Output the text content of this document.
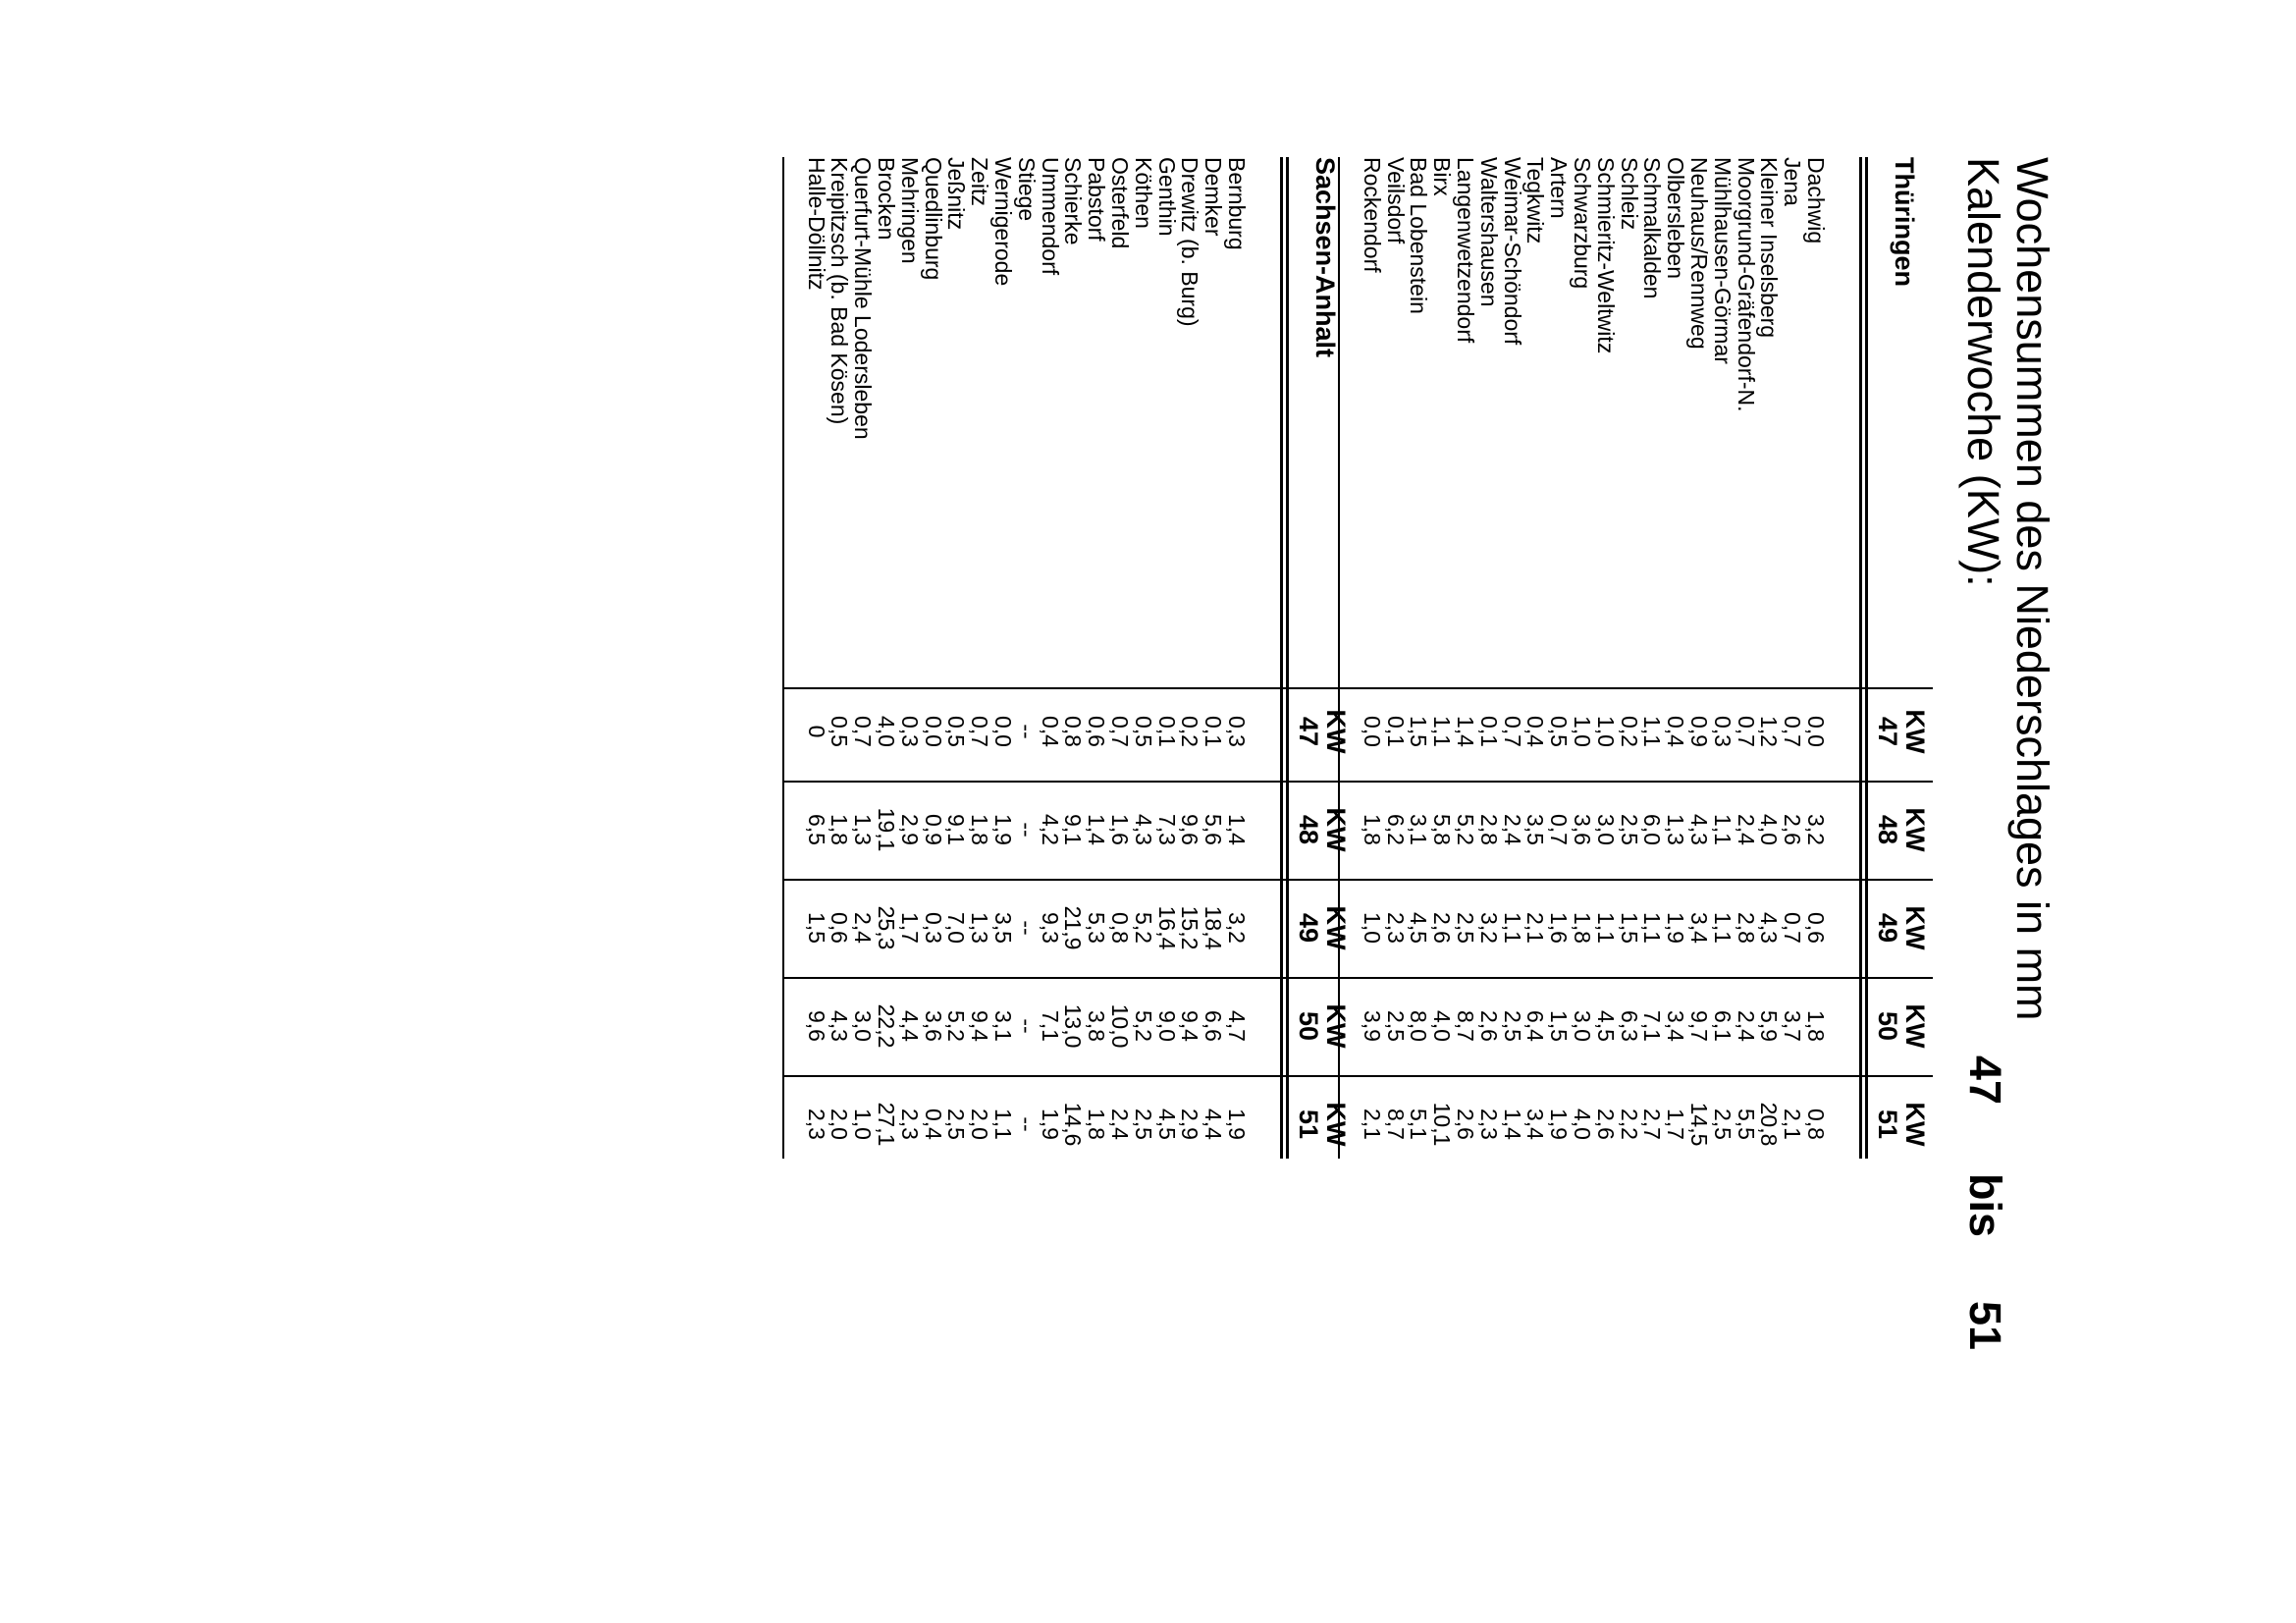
Wochensummen des Niederschlages in mm
Kalenderwoche (KW):
47
bis
51
Thüringen
KW
47
KW
48
KW
49
KW
50
KW
51
Dachwig
0,0
3,2
0,6
1,8
0,8
Jena
0,7
2,6
0,7
3,7
2,1
Kleiner Inselsberg
1,2
4,0
4,3
5,9
20,8
Moorgrund-Gräfendorf-N.
0,7
2,4
2,8
2,4
5,5
Mühlhausen-Görmar
0,3
1,1
1,1
6,1
2,5
Neuhaus/Rennweg
0,9
4,3
3,4
9,7
14,5
Olbersleben
0,4
1,3
1,9
3,4
1,7
Schmalkalden
1,1
6,0
1,1
7,1
2,7
Schleiz
0,2
2,5
1,5
6,3
2,2
Schmieritz-Weltwitz
1,0
3,0
1,1
4,5
2,6
Schwarzburg
1,0
3,6
1,8
3,0
4,0
Artern
0,5
0,7
1,6
1,5
1,9
Tegkwitz
0,4
3,5
2,1
6,4
3,4
Weimar-Schöndorf
0,7
2,4
1,1
2,5
1,4
Waltershausen
0,1
2,8
3,2
2,6
2,3
Langenwetzendorf
1,4
5,2
2,5
8,7
2,6
Birx
1,1
5,8
2,6
4,0
10,1
Bad Lobenstein
1,5
3,1
4,5
8,0
5,1
Veilsdorf
0,1
6,2
2,3
2,5
8,7
Rockendorf
0,0
1,8
1,0
3,9
2,1
Sachsen-Anhalt
KW
47
KW
48
KW
49
KW
50
KW
51
Bernburg
0,3
1,4
3,2
4,7
1,9
Demker
0,1
5,6
18,4
6,6
4,4
Drewitz (b. Burg)
0,2
9,6
15,2
9,4
2,9
Genthin
0,1
7,3
16,4
9,0
4,5
Köthen
0,5
4,3
5,2
5,2
2,5
Osterfeld
0,7
1,6
0,8
10,0
2,4
Pabstorf
0,6
1,4
5,3
3,8
1,8
Schierke
0,8
9,1
21,9
13,0
14,6
Ummendorf
0,4
4,2
9,3
7,1
1,9
Stiege
--
--
--
--
--
Wernigerode
0,0
1,9
3,5
3,1
1,1
Zeitz
0,7
1,8
1,3
9,4
2,0
Jeßnitz
0,5
9,1
7,0
5,2
2,5
Quedlinburg
0,0
0,9
0,3
3,6
0,4
Mehringen
0,3
2,9
1,7
4,4
2,3
Brocken
4,0
19,1
25,3
22,2
27,1
Querfurt-Mühle Lodersleben
0,7
1,3
2,4
3,0
1,0
Kreipitzsch (b. Bad Kösen)
0,5
1,8
0,6
4,3
2,0
Halle-Döllnitz
0
6,5
1,5
9,6
2,3
